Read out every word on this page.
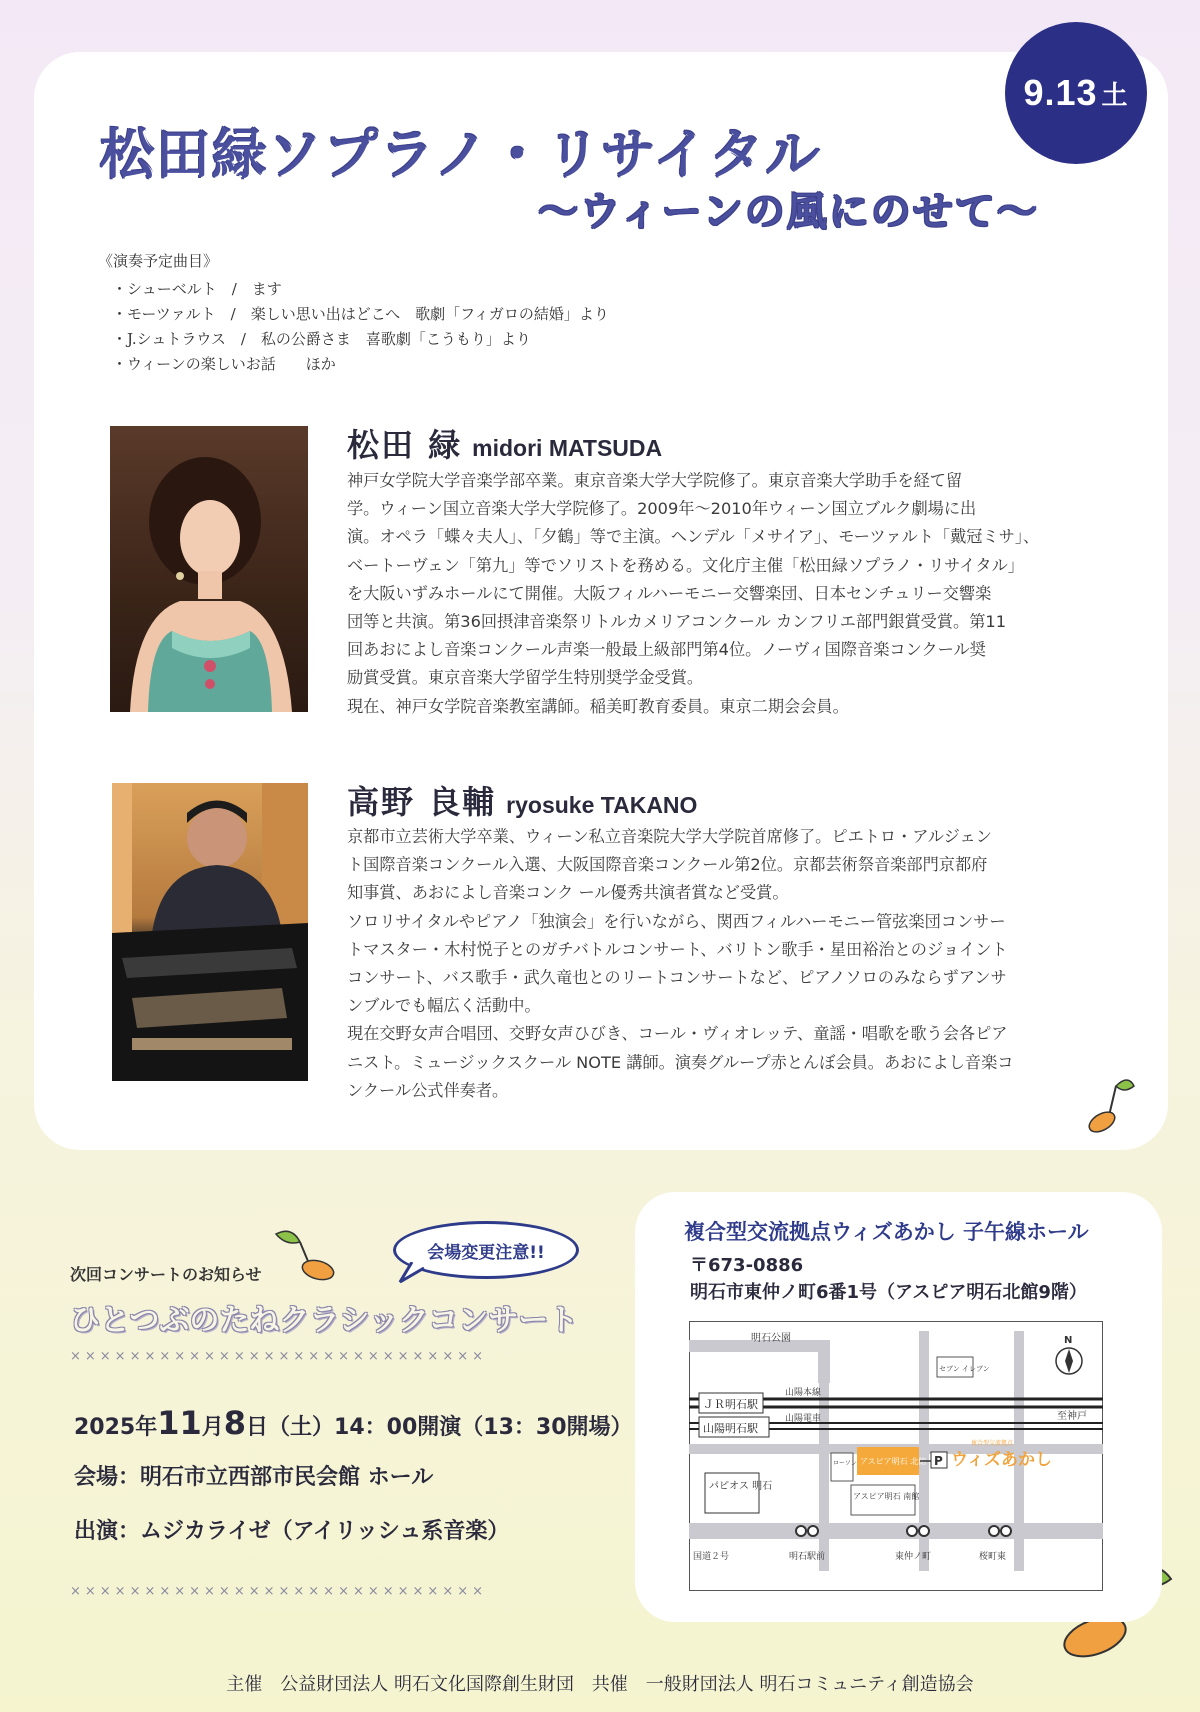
9.13 土
松田緑ソプラノ・リサイタル
〜ウィーンの風にのせて〜
《演奏予定曲目》
・シューベルト　/　ます
・モーツァルト　/　楽しい思い出はどこへ　歌劇「フィガロの結婚」より
・J.シュトラウス　/　私の公爵さま　喜歌劇「こうもり」より
・ウィーンの楽しいお話　　ほか
松田 緑 midori MATSUDA

神戸女学院大学音楽学部卒業。東京音楽大学大学院修了。東京音楽大学助手を経て留

学。ウィーン国立音楽大学大学院修了。2009年〜2010年ウィーン国立ブルク劇場に出

演。オペラ「蝶々夫人」、「夕鶴」等で主演。ヘンデル「メサイア」、モーツァルト「戴冠ミサ」、

ベートーヴェン「第九」等でソリストを務める。文化庁主催「松田緑ソプラノ・リサイタル」

を大阪いずみホールにて開催。大阪フィルハーモニー交響楽団、日本センチュリー交響楽

団等と共演。第36回摂津音楽祭リトルカメリアコンクール カンフリエ部門銀賞受賞。第11

回あおによし音楽コンクール声楽一般最上級部門第4位。ノーヴィ国際音楽コンクール奨

励賞受賞。東京音楽大学留学生特別奨学金受賞。

現在、神戸女学院音楽教室講師。稲美町教育委員。東京二期会会員。

高野 良輔 ryosuke TAKANO

京都市立芸術大学卒業、ウィーン私立音楽院大学大学院首席修了。ピエトロ・アルジェン

ト国際音楽コンクール入選、大阪国際音楽コンクール第2位。京都芸術祭音楽部門京都府

知事賞、あおによし音楽コンク ール優秀共演者賞など受賞。

ソロリサイタルやピアノ「独演会」を行いながら、関西フィルハーモニー管弦楽団コンサー

トマスター・木村悦子とのガチバトルコンサート、バリトン歌手・星田裕治とのジョイント

コンサート、バス歌手・武久竜也とのリートコンサートなど、ピアノソロのみならずアンサ

ンブルでも幅広く活動中。

現在交野女声合唱団、交野女声ひびき、コール・ヴィオレッテ、童謡・唱歌を歌う会各ピア

ニスト。ミュージックスクール NOTE 講師。演奏グループ赤とんぼ会員。あおによし音楽コ

ンクール公式伴奏者。

次回コンサートのお知らせ
会場変更注意!!
ひとつぶのたねクラシックコンサート
××××××××××××××××××××××××××××
2025年11月8日（土）14：00開演（13：30開場）
会場：明石市立西部市民会館 ホール
出演：ムジカライゼ（アイリッシュ系音楽）
××××××××××××××××××××××××××××
複合型交流拠点ウィズあかし 子午線ホール
〒673-0886
明石市東仲ノ町6番1号（アスピア明石北館9階）
明石公園
セブン イレブン
ＪＲ明石駅
山陽本線
山陽明石駅
山陽電車	至神戸
ローソン アスピア明石 北館 P
複合型交流拠点
ウィズあかし
パピオス 明石
アスピア明石 南館
国道２号	明石駅前	東仲ノ町	桜町東
N
主催　公益財団法人 明石文化国際創生財団 共催　一般財団法人 明石コミュニティ創造協会
